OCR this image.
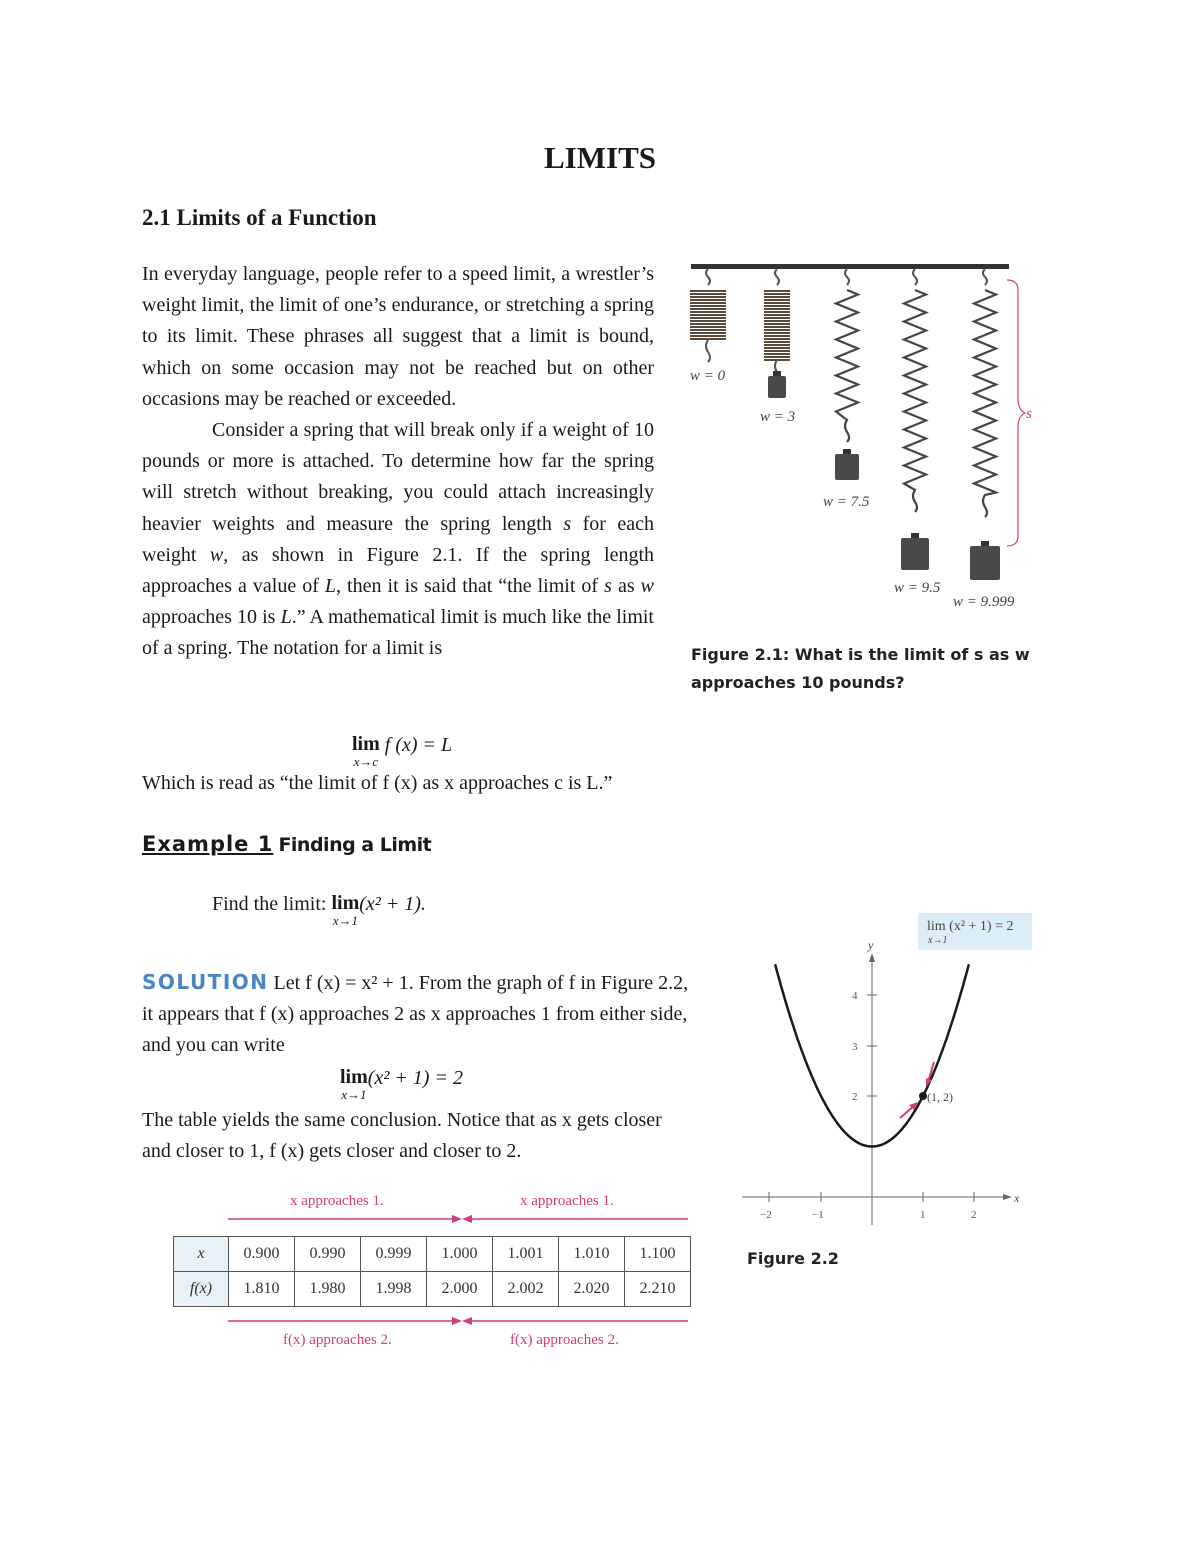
LIMITS
2.1 Limits of a Function

In everyday language, people refer to a speed limit, a wrestler’s weight limit, the limit of one’s endurance, or stretching a spring to its limit. These phrases all suggest that a limit is bound, which on some occasion may not be reached but on other occasions may be reached or exceeded.

Consider a spring that will break only if a weight of 10 pounds or more is attached. To determine how far the spring will stretch without breaking, you could attach increasingly heavier weights and measure the spring length s for each weight w, as shown in Figure 2.1. If the spring length approaches a value of L, then it is said that “the limit of s as w approaches 10 is L.” A mathematical limit is much like the limit of a spring. The notation for a limit is

lim
x→c
f (x) = L
Which is read as “the limit of f (x) as x approaches c is L.”
s
w = 0
w = 3
w = 7.5
w = 9.5
w = 9.999
Figure 2.1: What is the limit of s as w approaches 10 pounds?
Example 1 Finding a Limit
Find the limit: lim
x→1
(x² + 1).
SOLUTION Let f (x) = x² + 1. From the graph of f in Figure 2.2, it appears that f (x) approaches 2 as x approaches 1 from either side, and you can write
lim
x→1
(x² + 1) = 2
The table yields the same conclusion. Notice that as x gets closer and closer to 1, f (x) gets closer and closer to 2.
x approaches 1.	x approaches 1.
x	0.900	0.990	0.999	1.000	1.001	1.010	1.100
f(x)	1.810	1.980	1.998	2.000	2.002	2.020	2.210
f(x) approaches 2.	f(x) approaches 2.
lim (x² + 1) = 2
x→1
y
x
2
3
4
−2	−1	1	2
(1, 2)
Figure 2.2
